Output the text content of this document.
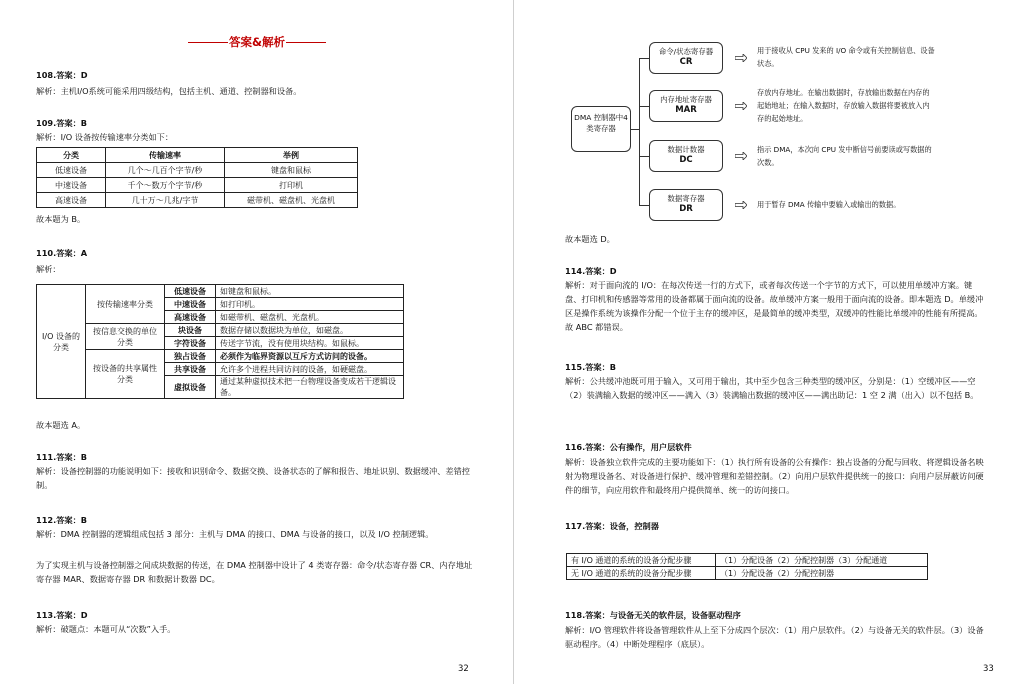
答案&解析
108.答案：D
解析：主机I/O系统可能采用四级结构，包括主机、通道、控制器和设备。
109.答案：B
解析：I/O 设备按传输速率分类如下：
分类	传输速率	举例
低速设备	几个～几百个字节/秒	键盘和鼠标
中速设备	千个～数万个字节/秒	打印机
高速设备	几十万～几兆/字节	磁带机、磁盘机、光盘机
故本题为 B。
110.答案：A
解析：
I/O 设备的分类	按传输速率分类	低速设备	如键盘和鼠标。
		中速设备	如打印机。
		高速设备	如磁带机、磁盘机、光盘机。
	按信息交换的单位分类	块设备	数据存储以数据块为单位，如磁盘。
		字符设备	传送字节流，没有使用块结构。如鼠标。
	按设备的共享属性分类	独占设备	必须作为临界资源以互斥方式访问的设备。
		共享设备	允许多个进程共同访问的设备，如硬磁盘。
		虚拟设备	通过某种虚拟技术把一台物理设备变成若干逻辑设备。
故本题选 A。
111.答案：B
解析：设备控制器的功能说明如下：接收和识别命令、数据交换、设备状态的了解和报告、地址识别、数据缓冲、差错控制。
112.答案：B
解析：DMA 控制器的逻辑组成包括 3 部分：主机与 DMA 的接口、DMA 与设备的接口，以及 I/O 控制逻辑。
为了实现主机与设备控制器之间成块数据的传送，在 DMA 控制器中设计了 4 类寄存器：命令/状态寄存器 CR、内存地址寄存器 MAR、数据寄存器 DR 和数据计数器 DC。
113.答案：D
解析：破题点：本题可从“次数”入手。
32
DMA 控制器中4类寄存器
命令/状态寄存器
CR
内存地址寄存器
MAR
数据计数器
DC
数据寄存器
DR
用于接收从 CPU 发来的 I/O 命令或有关控制信息、设备状态。
存放内存地址。在输出数据时，存放输出数据在内存的起始地址；在输入数据时，存放输入数据将要被放入内存的起始地址。
指示 DMA，本次向 CPU 发中断信号前要读或写数据的次数。
用于暂存 DMA 传输中要输入或输出的数据。
故本题选 D。
114.答案：D
解析：对于面向流的 I/O：在每次传送一行的方式下，或者每次传送一个字节的方式下，可以使用单缓冲方案。键盘、打印机和传感器等常用的设备都属于面向流的设备。故单缓冲方案一般用于面向流的设备。即本题选 D。单缓冲区是操作系统为该操作分配一个位于主存的缓冲区，是最简单的缓冲类型，双缓冲的性能比单缓冲的性能有所提高。故 ABC 都错误。
115.答案：B
解析：公共缓冲池既可用于输入，又可用于输出，其中至少包含三种类型的缓冲区，分别是：（1）空缓冲区——空（2）装满输入数据的缓冲区——满入（3）装满输出数据的缓冲区——满出助记：1 空 2 满（出入）以不包括 B。
116.答案：公有操作，用户层软件
解析：设备独立软件完成的主要功能如下：（1）执行所有设备的公有操作：独占设备的分配与回收、将逻辑设备名映射为物理设备名、对设备进行保护、缓冲管理和差错控制。（2）向用户层软件提供统一的接口：向用户层屏蔽访问硬件的细节，向应用软件和最终用户提供简单、统一的访问接口。
117.答案：设备，控制器
118.答案：与设备无关的软件层，设备驱动程序
解析：I/O 管理软件将设备管理软件从上至下分成四个层次：（1）用户层软件。（2）与设备无关的软件层。（3）设备驱动程序。（4）中断处理程序（底层）。
33
有 I/O 通道的系统的设备分配步骤	（1）分配设备（2）分配控制器（3）分配通道
无 I/O 通道的系统的设备分配步骤	（1）分配设备（2）分配控制器
